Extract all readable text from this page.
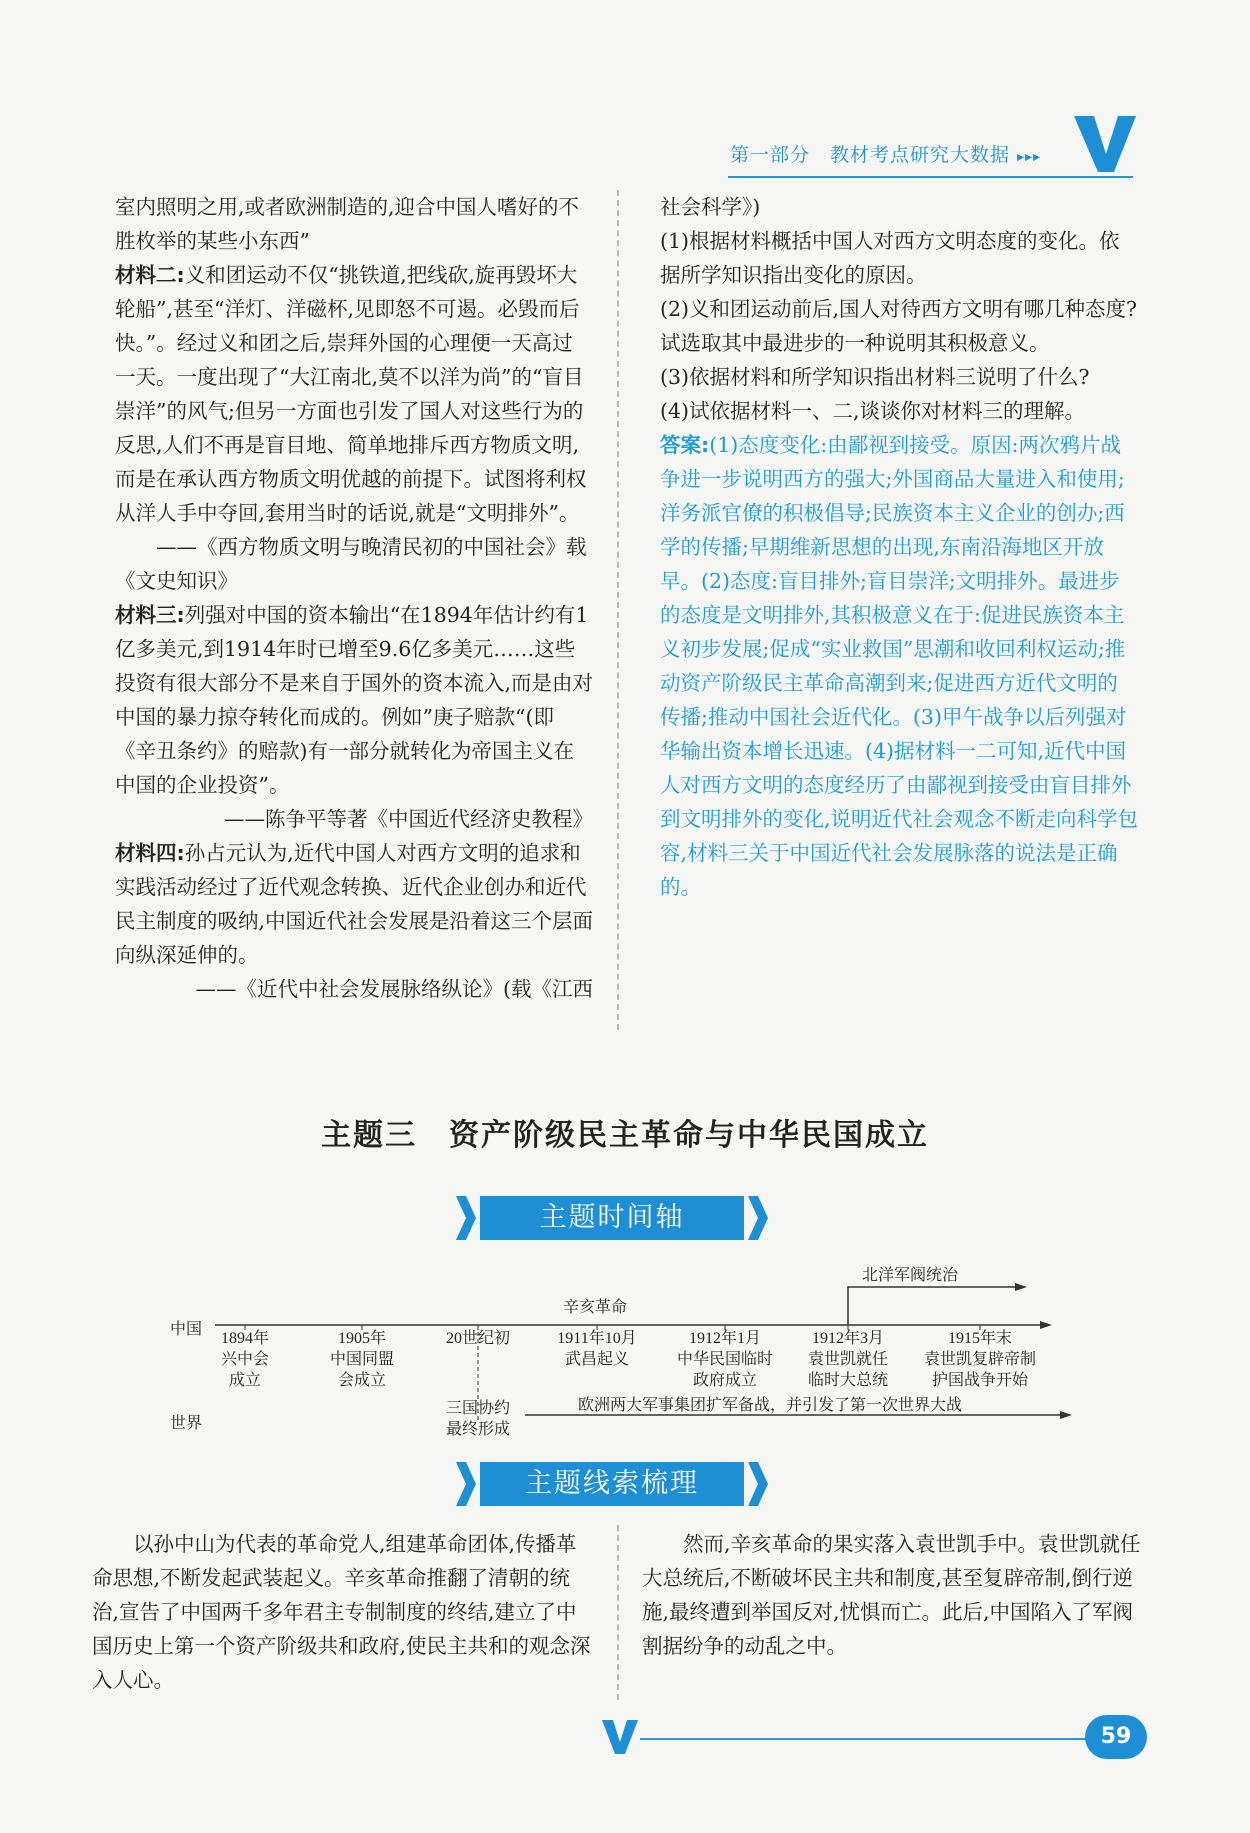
第一部分　教材考点研究大数据 ▸▸▸
V

室内照明之用,或者欧洲制造的,迎合中国人嗜好的不胜枚举的某些小东西”

材料二:义和团运动不仅“挑铁道,把线砍,旋再毁坏大轮船”,甚至“洋灯、洋磁杯,见即怒不可遏。必毁而后快。”。经过义和团之后,崇拜外国的心理便一天高过一天。一度出现了“大江南北,莫不以洋为尚”的“盲目崇洋”的风气;但另一方面也引发了国人对这些行为的反思,人们不再是盲目地、简单地排斥西方物质文明,而是在承认西方物质文明优越的前提下。试图将利权从洋人手中夺回,套用当时的话说,就是“文明排外”。

——《西方物质文明与晚清民初的中国社会》载《文史知识》

材料三:列强对中国的资本输出“在1894年估计约有1亿多美元,到1914年时已增至9.6亿多美元……这些投资有很大部分不是来自于国外的资本流入,而是由对中国的暴力掠夺转化而成的。例如”庚子赔款“(即《辛丑条约》的赔款)有一部分就转化为帝国主义在中国的企业投资”。

——陈争平等著《中国近代经济史教程》

材料四:孙占元认为,近代中国人对西方文明的追求和实践活动经过了近代观念转换、近代企业创办和近代民主制度的吸纳,中国近代社会发展是沿着这三个层面向纵深延伸的。

——《近代中社会发展脉络纵论》(载《江西

社会科学》)

(1)根据材料概括中国人对西方文明态度的变化。依据所学知识指出变化的原因。

(2)义和团运动前后,国人对待西方文明有哪几种态度?试选取其中最进步的一种说明其积极意义。

(3)依据材料和所学知识指出材料三说明了什么?

(4)试依据材料一、二,谈谈你对材料三的理解。

答案:(1)态度变化:由鄙视到接受。原因:两次鸦片战争进一步说明西方的强大;外国商品大量进入和使用;洋务派官僚的积极倡导;民族资本主义企业的创办;西学的传播;早期维新思想的出现,东南沿海地区开放早。(2)态度:盲目排外;盲目崇洋;文明排外。最进步的态度是文明排外,其积极意义在于:促进民族资本主义初步发展;促成“实业救国”思潮和收回利权运动;推动资产阶级民主革命高潮到来;促进西方近代文明的传播;推动中国社会近代化。(3)甲午战争以后列强对华输出资本增长迅速。(4)据材料一二可知,近代中国人对西方文明的态度经历了由鄙视到接受由盲目排外到文明排外的变化,说明近代社会观念不断走向科学包容,材料三关于中国近代社会发展脉落的说法是正确的。

主题三　资产阶级民主革命与中华民国成立
主题时间轴
中国
世界
北洋军阀统治
辛亥革命
1894年
兴中会
成立
1905年
中国同盟
会成立
20世纪初	1911年10月
武昌起义
1912年1月
中华民国临时
政府成立
1912年3月
袁世凯就任
临时大总统
1915年末
袁世凯复辟帝制
护国战争开始
三国协约
最终形成
欧洲两大军事集团扩军备战，并引发了第一次世界大战
主题线索梳理
以孙中山为代表的革命党人,组建革命团体,传播革命思想,不断发起武装起义。辛亥革命推翻了清朝的统治,宣告了中国两千多年君主专制制度的终结,建立了中国历史上第一个资产阶级共和政府,使民主共和的观念深入人心。
然而,辛亥革命的果实落入袁世凯手中。袁世凯就任大总统后,不断破坏民主共和制度,甚至复辟帝制,倒行逆施,最终遭到举国反对,忧惧而亡。此后,中国陷入了军阀割据纷争的动乱之中。
59
